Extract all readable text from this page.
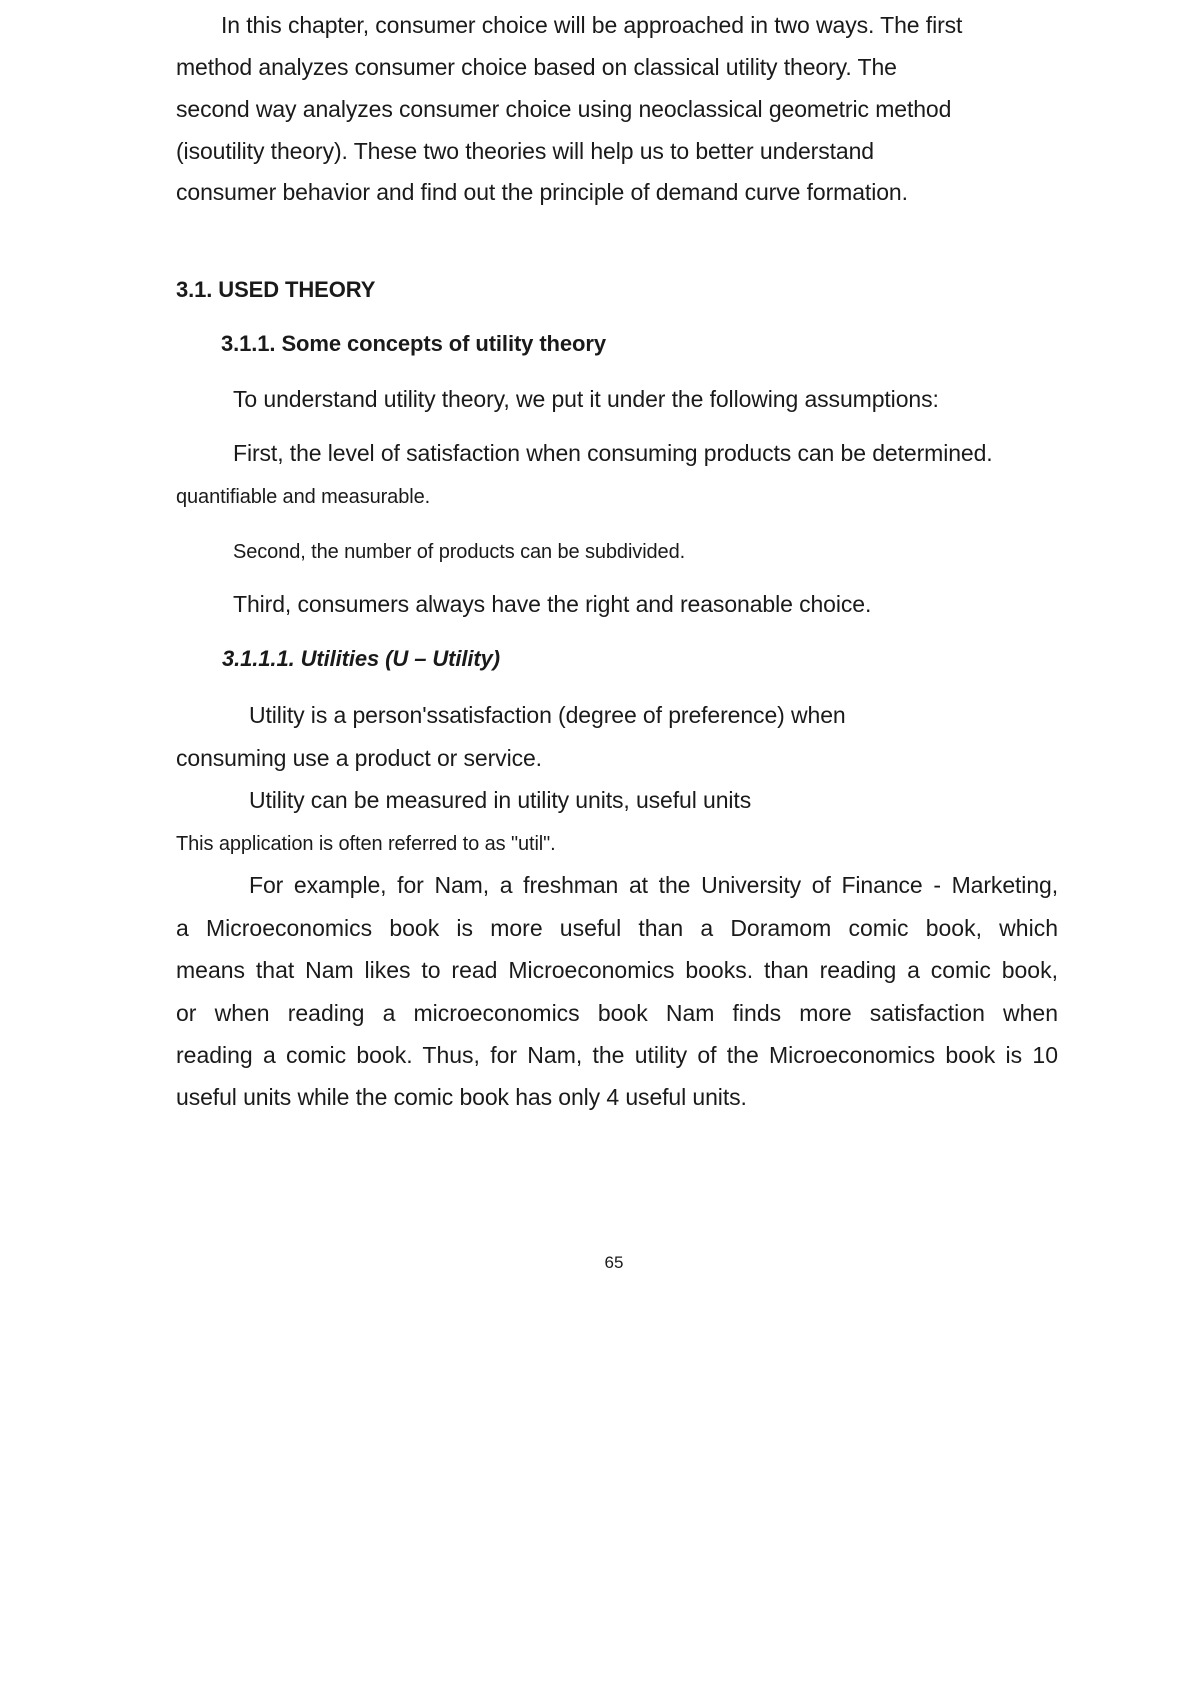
In this chapter, consumer choice will be approached in two ways. The first
method analyzes consumer choice based on classical utility theory. The
second way analyzes consumer choice using neoclassical geometric method
(isoutility theory). These two theories will help us to better understand
consumer behavior and find out the principle of demand curve formation.
3.1. USED THEORY
3.1.1. Some concepts of utility theory
To understand utility theory, we put it under the following assumptions:
First, the level of satisfaction when consuming products can be determined.
quantifiable and measurable.
Second, the number of products can be subdivided.
Third, consumers always have the right and reasonable choice.
3.1.1.1. Utilities (U – Utility)
Utility is a person'ssatisfaction (degree of preference) when
consuming use a product or service.
Utility can be measured in utility units, useful units
This application is often referred to as "util".
For example, for Nam, a freshman at the University of Finance - Marketing,
a Microeconomics book is more useful than a Doramom comic book, which
means that Nam likes to read Microeconomics books. than reading a comic book,
or when reading a microeconomics book Nam finds more satisfaction when
reading a comic book. Thus, for Nam, the utility of the Microeconomics book is 10
useful units while the comic book has only 4 useful units.
65
